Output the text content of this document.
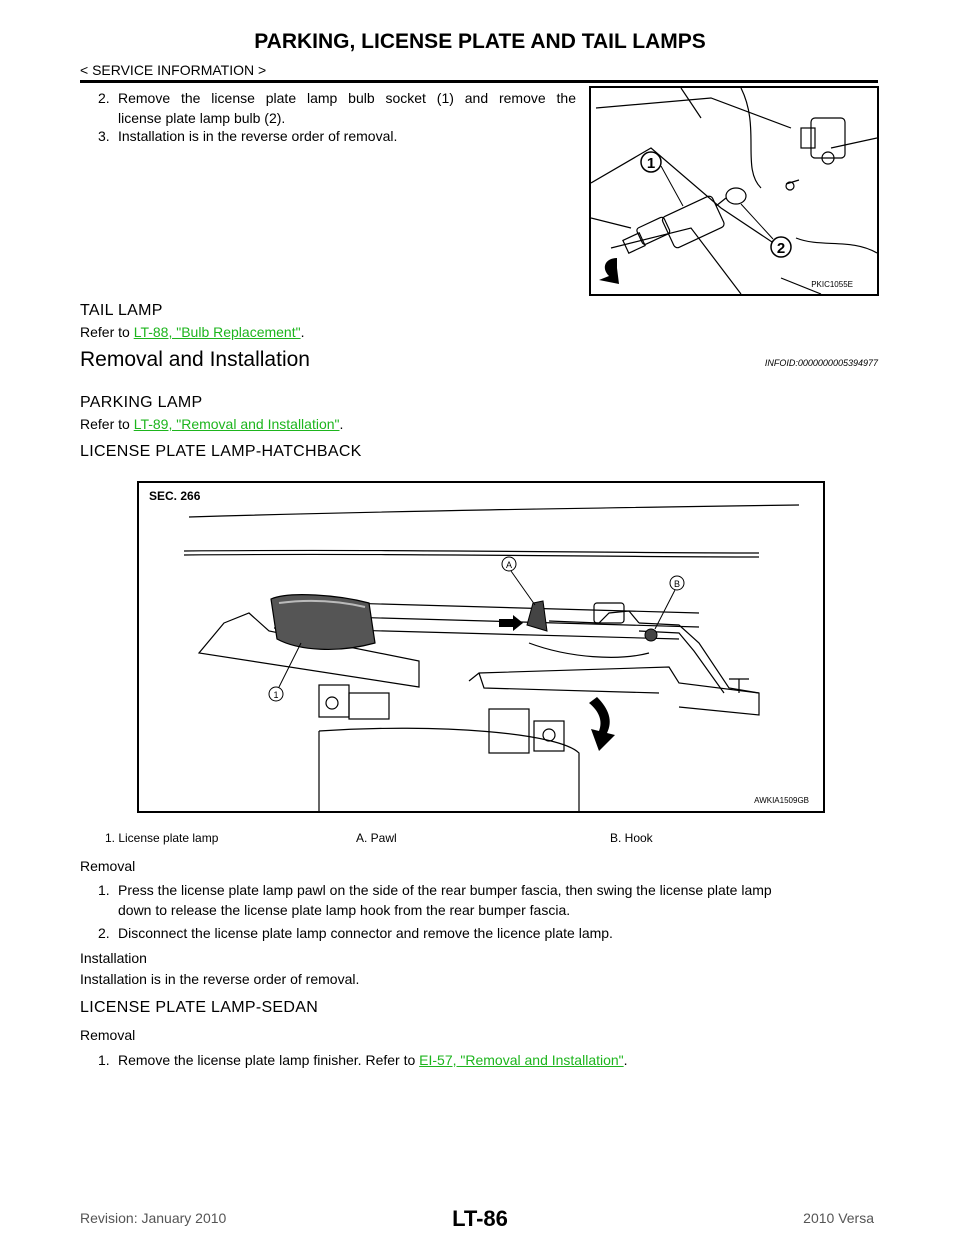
PARKING, LICENSE PLATE AND TAIL LAMPS
< SERVICE INFORMATION >
2. Remove the license plate lamp bulb socket (1) and remove the
license plate lamp bulb (2).
3. Installation is in the reverse order of removal.
1
2
PKIC1055E
TAIL LAMP
Refer to LT-88, "Bulb Replacement".
Removal and Installation	INFOID:0000000005394977
PARKING LAMP
Refer to LT-89, "Removal and Installation".
LICENSE PLATE LAMP-HATCHBACK
SEC. 266
A
B
1
AWKIA1509GB
1. License plate lamp	A. Pawl	B. Hook
Removal
1. Press the license plate lamp pawl on the side of the rear bumper fascia, then swing the license plate lamp
down to release the license plate lamp hook from the rear bumper fascia.
2. Disconnect the license plate lamp connector and remove the licence plate lamp.
Installation
Installation is in the reverse order of removal.
LICENSE PLATE LAMP-SEDAN
Removal
1. Remove the license plate lamp finisher. Refer to EI-57, "Removal and Installation".
Revision: January 2010	LT-86	2010 Versa
